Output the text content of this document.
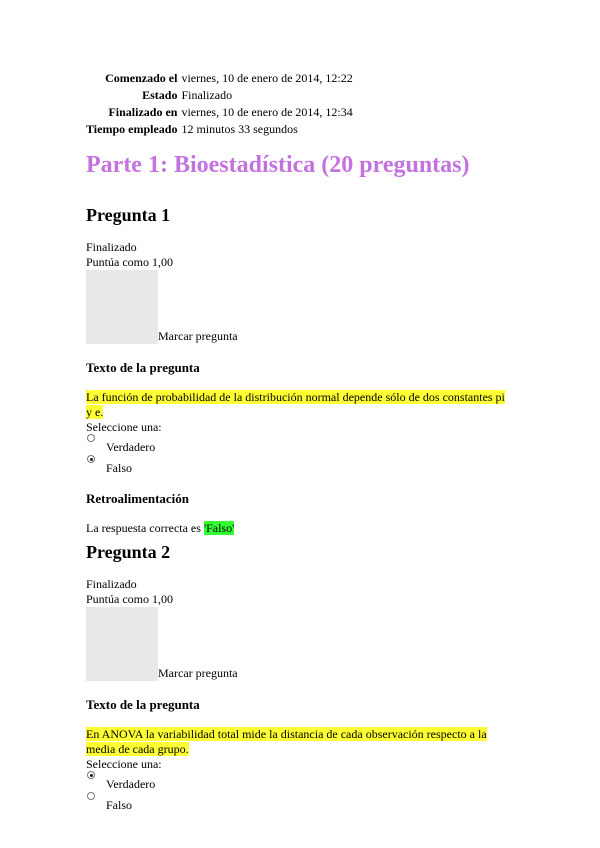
Comenzado el	viernes, 10 de enero de 2014, 12:22
Estado	Finalizado
Finalizado en	viernes, 10 de enero de 2014, 12:34
Tiempo empleado	12 minutos 33 segundos
Parte 1: Bioestadística (20 preguntas)
Pregunta 1
Finalizado
Puntúa como 1,00
Marcar pregunta
Texto de la pregunta
La función de probabilidad de la distribución normal depende sólo de dos constantes pi
y e.
Seleccione una:
Verdadero
Falso
Retroalimentación
La respuesta correcta es 'Falso'
Pregunta 2
Finalizado
Puntúa como 1,00
Marcar pregunta
Texto de la pregunta
En ANOVA la variabilidad total mide la distancia de cada observación respecto a la
media de cada grupo.
Seleccione una:
Verdadero
Falso
